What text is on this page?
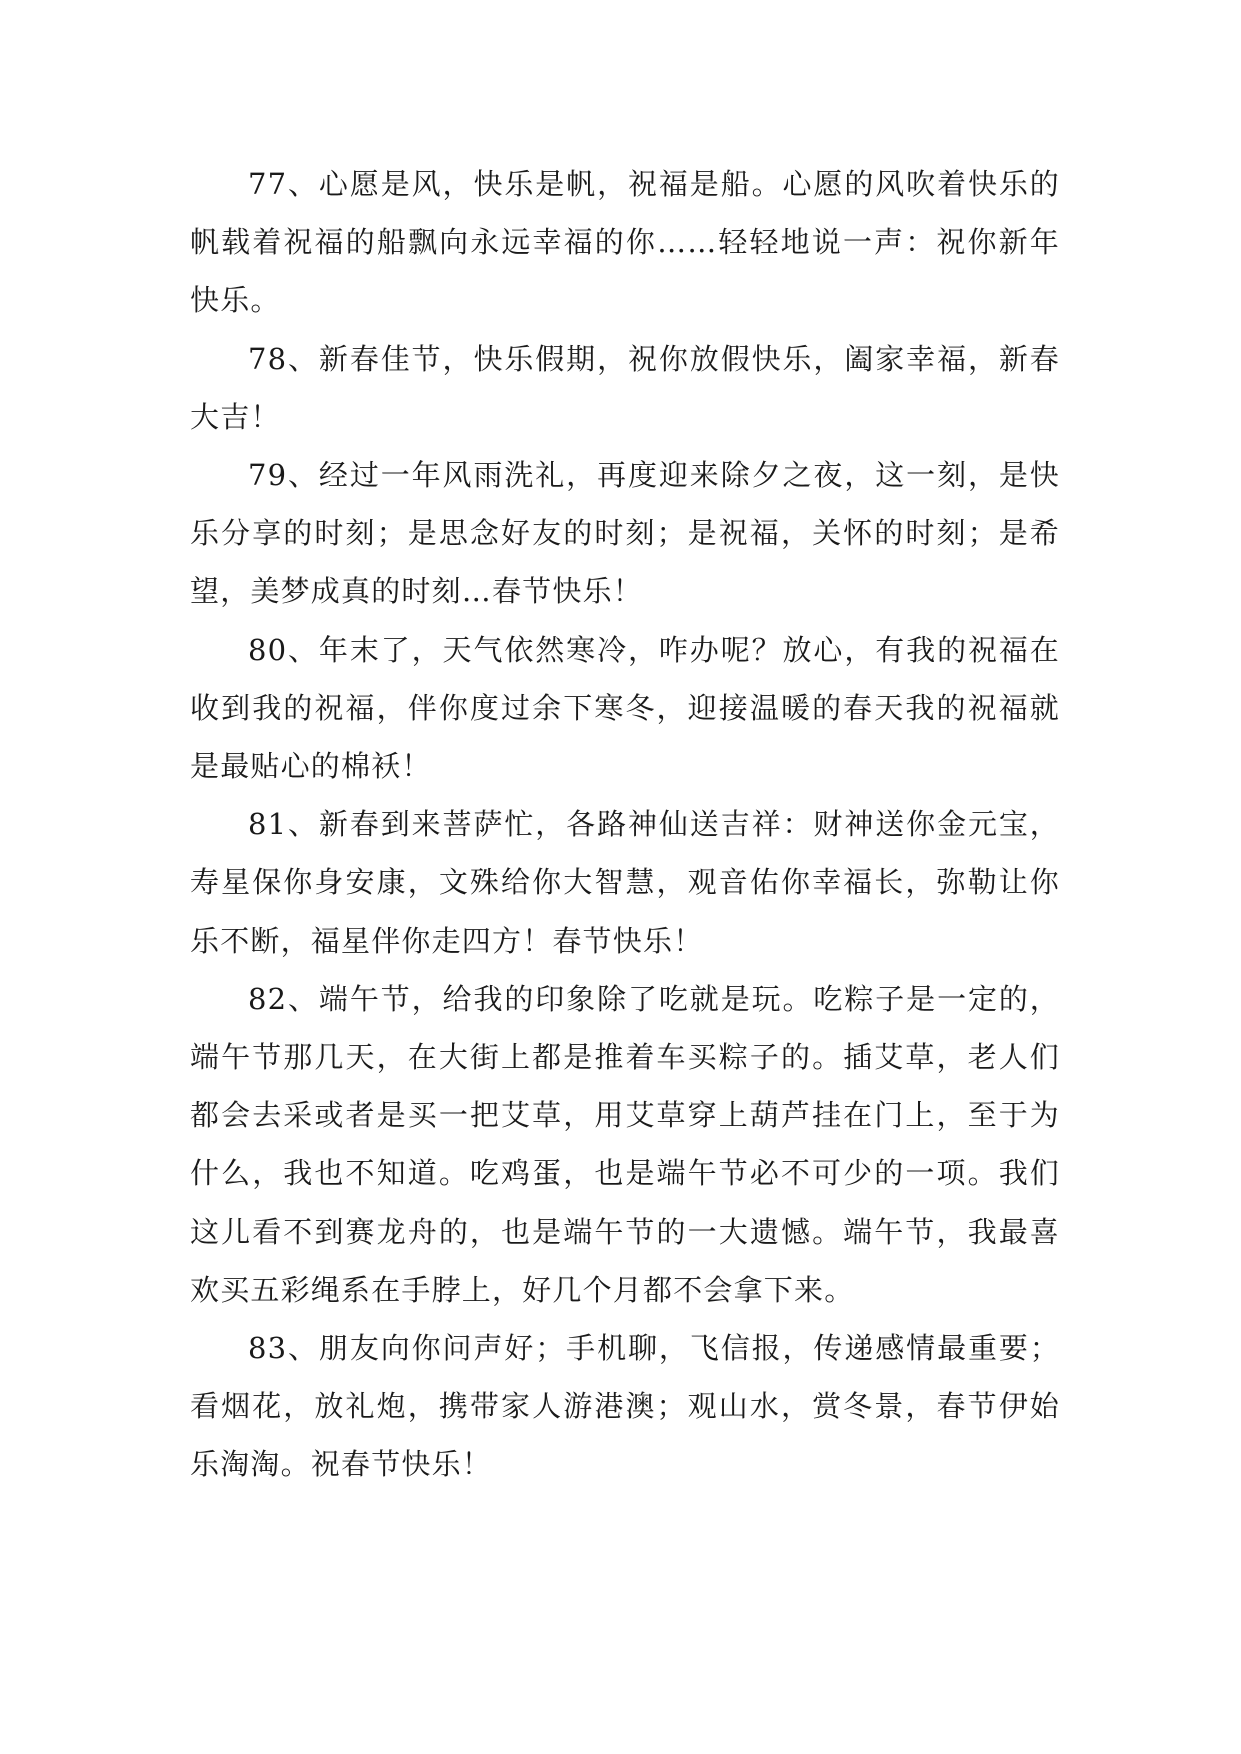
77、心愿是风，快乐是帆，祝福是船。心愿的风吹着快乐的帆载着祝福的船飘向永远幸福的你……轻轻地说一声：祝你新年快乐。

78、新春佳节，快乐假期，祝你放假快乐，阖家幸福，新春大吉！

79、经过一年风雨洗礼，再度迎来除夕之夜，这一刻，是快乐分享的时刻；是思念好友的时刻；是祝福，关怀的时刻；是希望，美梦成真的时刻…春节快乐！

80、年末了，天气依然寒冷，咋办呢？放心，有我的祝福在收到我的祝福，伴你度过余下寒冬，迎接温暖的春天我的祝福就是最贴心的棉袄！

81、新春到来菩萨忙，各路神仙送吉祥：财神送你金元宝，寿星保你身安康，文殊给你大智慧，观音佑你幸福长，弥勒让你乐不断，福星伴你走四方！春节快乐！

82、端午节，给我的印象除了吃就是玩。吃粽子是一定的，端午节那几天，在大街上都是推着车买粽子的。插艾草，老人们都会去采或者是买一把艾草，用艾草穿上葫芦挂在门上，至于为什么，我也不知道。吃鸡蛋，也是端午节必不可少的一项。我们这儿看不到赛龙舟的，也是端午节的一大遗憾。端午节，我最喜欢买五彩绳系在手脖上，好几个月都不会拿下来。

83、朋友向你问声好；手机聊，飞信报，传递感情最重要；看烟花，放礼炮，携带家人游港澳；观山水，赏冬景，春节伊始乐淘淘。祝春节快乐！
